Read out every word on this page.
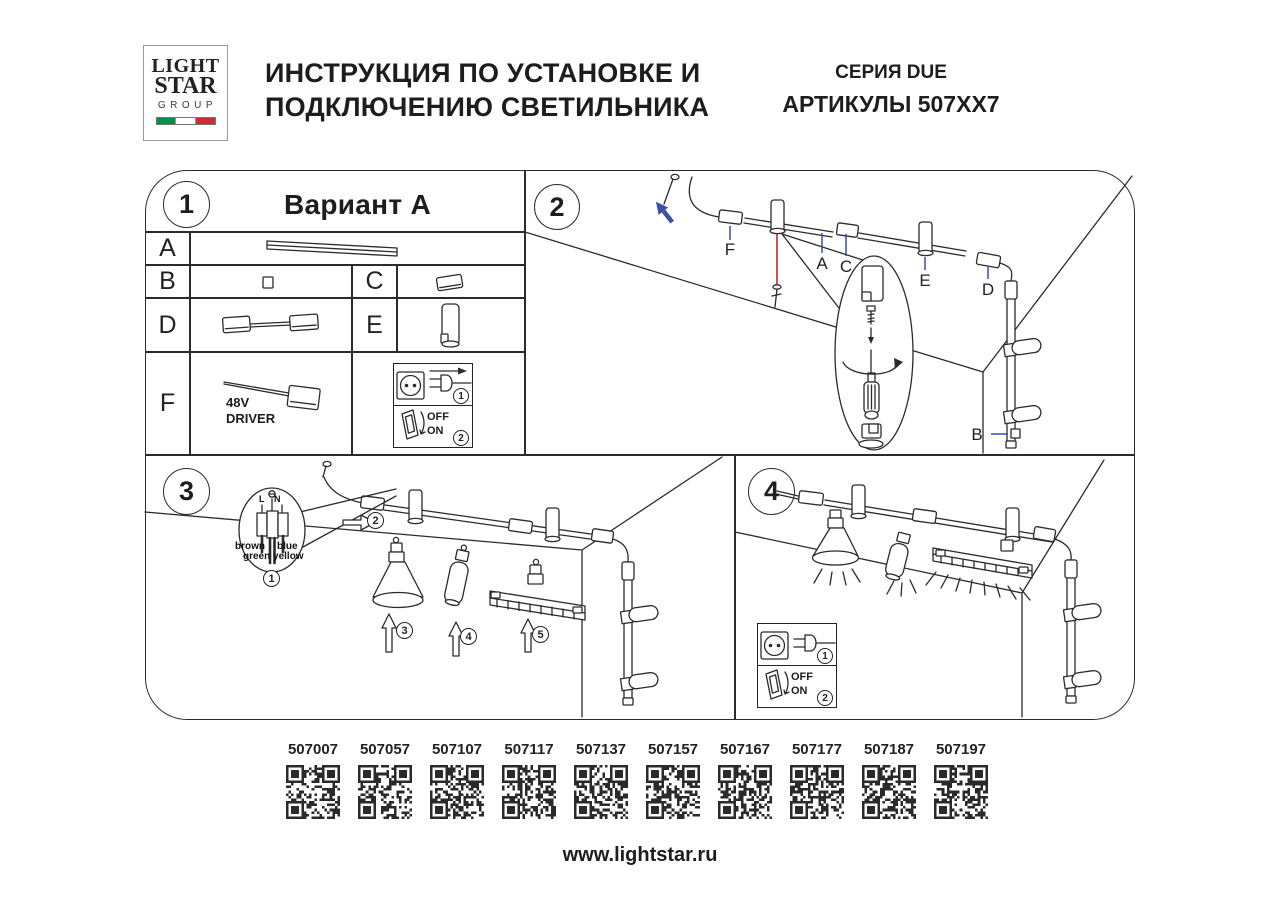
LIGHT
STAR
GROUP
ИНСТРУКЦИЯ ПО УСТАНОВКЕ И
ПОДКЛЮЧЕНИЮ СВЕТИЛЬНИКА
СЕРИЯ DUE
АРТИКУЛЫ 507XX7
1	2
3	4
Вариант A
A
B	C
D	E
F	48V
DRIVER
1
OFF
ON
2
F
A C
E	D
B
L N
brown blue
green yellow
1
2
3	4	5
1
OFF
ON
2
507007	507057	507107	507117	507137	507157	507167	507177	507187	507197
www.lightstar.ru
